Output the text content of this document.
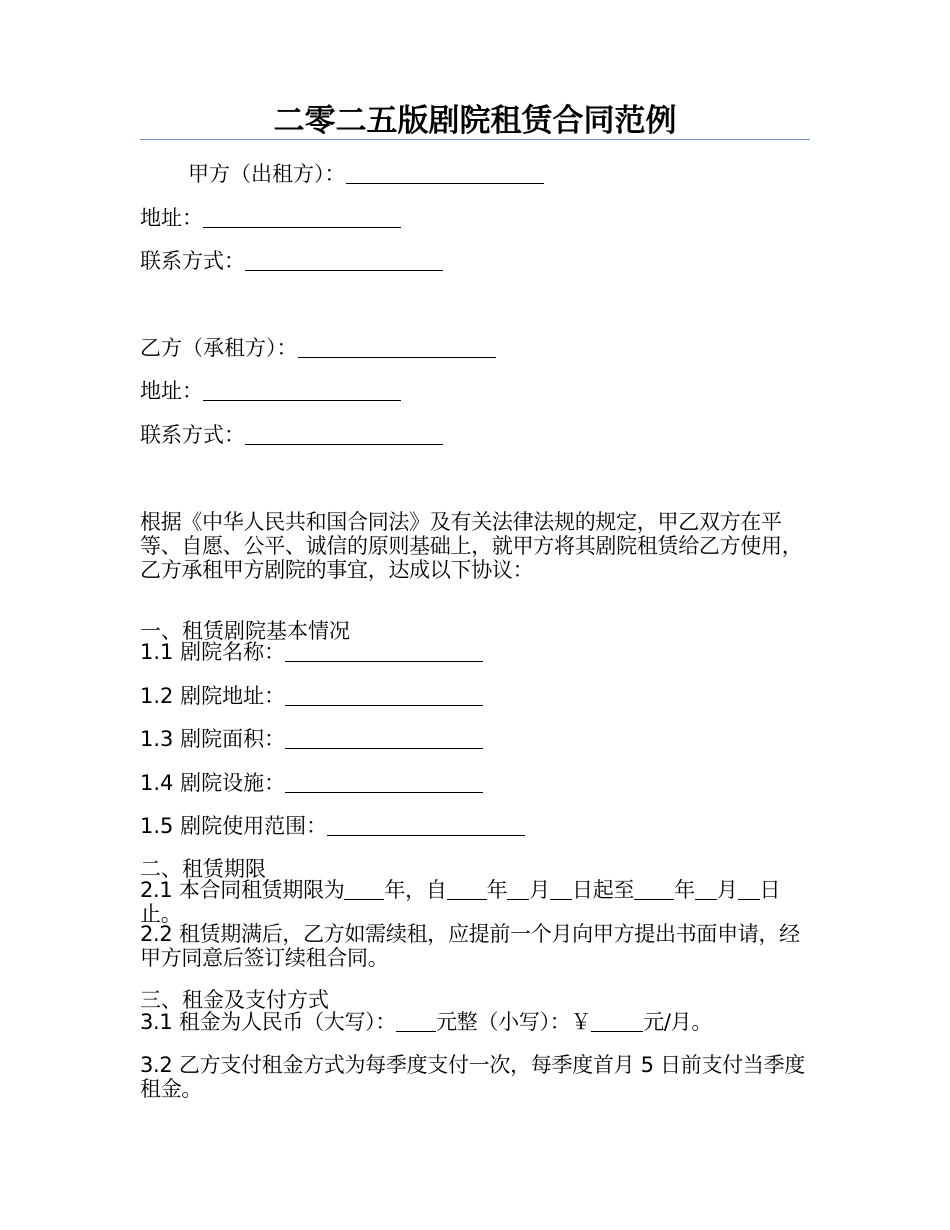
二零二五版剧院租赁合同范例
甲方（出租方）：
地址：
联系方式：
乙方（承租方）：
地址：
联系方式：
根据《中华人民共和国合同法》及有关法律法规的规定，甲乙双方在平等、自愿、公平、诚信的原则基础上，就甲方将其剧院租赁给乙方使用，乙方承租甲方剧院的事宜，达成以下协议：
一、租赁剧院基本情况
1.1 剧院名称：
1.2 剧院地址：
1.3 剧院面积：
1.4 剧院设施：
1.5 剧院使用范围：
二、租赁期限
2.1 本合同租赁期限为 年，自 年 月 日起至 年 月 日止。
2.2 租赁期满后，乙方如需续租，应提前一个月向甲方提出书面申请，经甲方同意后签订续租合同。
三、租金及支付方式
3.1 租金为人民币（大写）： 元整（小写）：￥ 元/月。
3.2 乙方支付租金方式为每季度支付一次，每季度首月 5 日前支付当季度租金。
